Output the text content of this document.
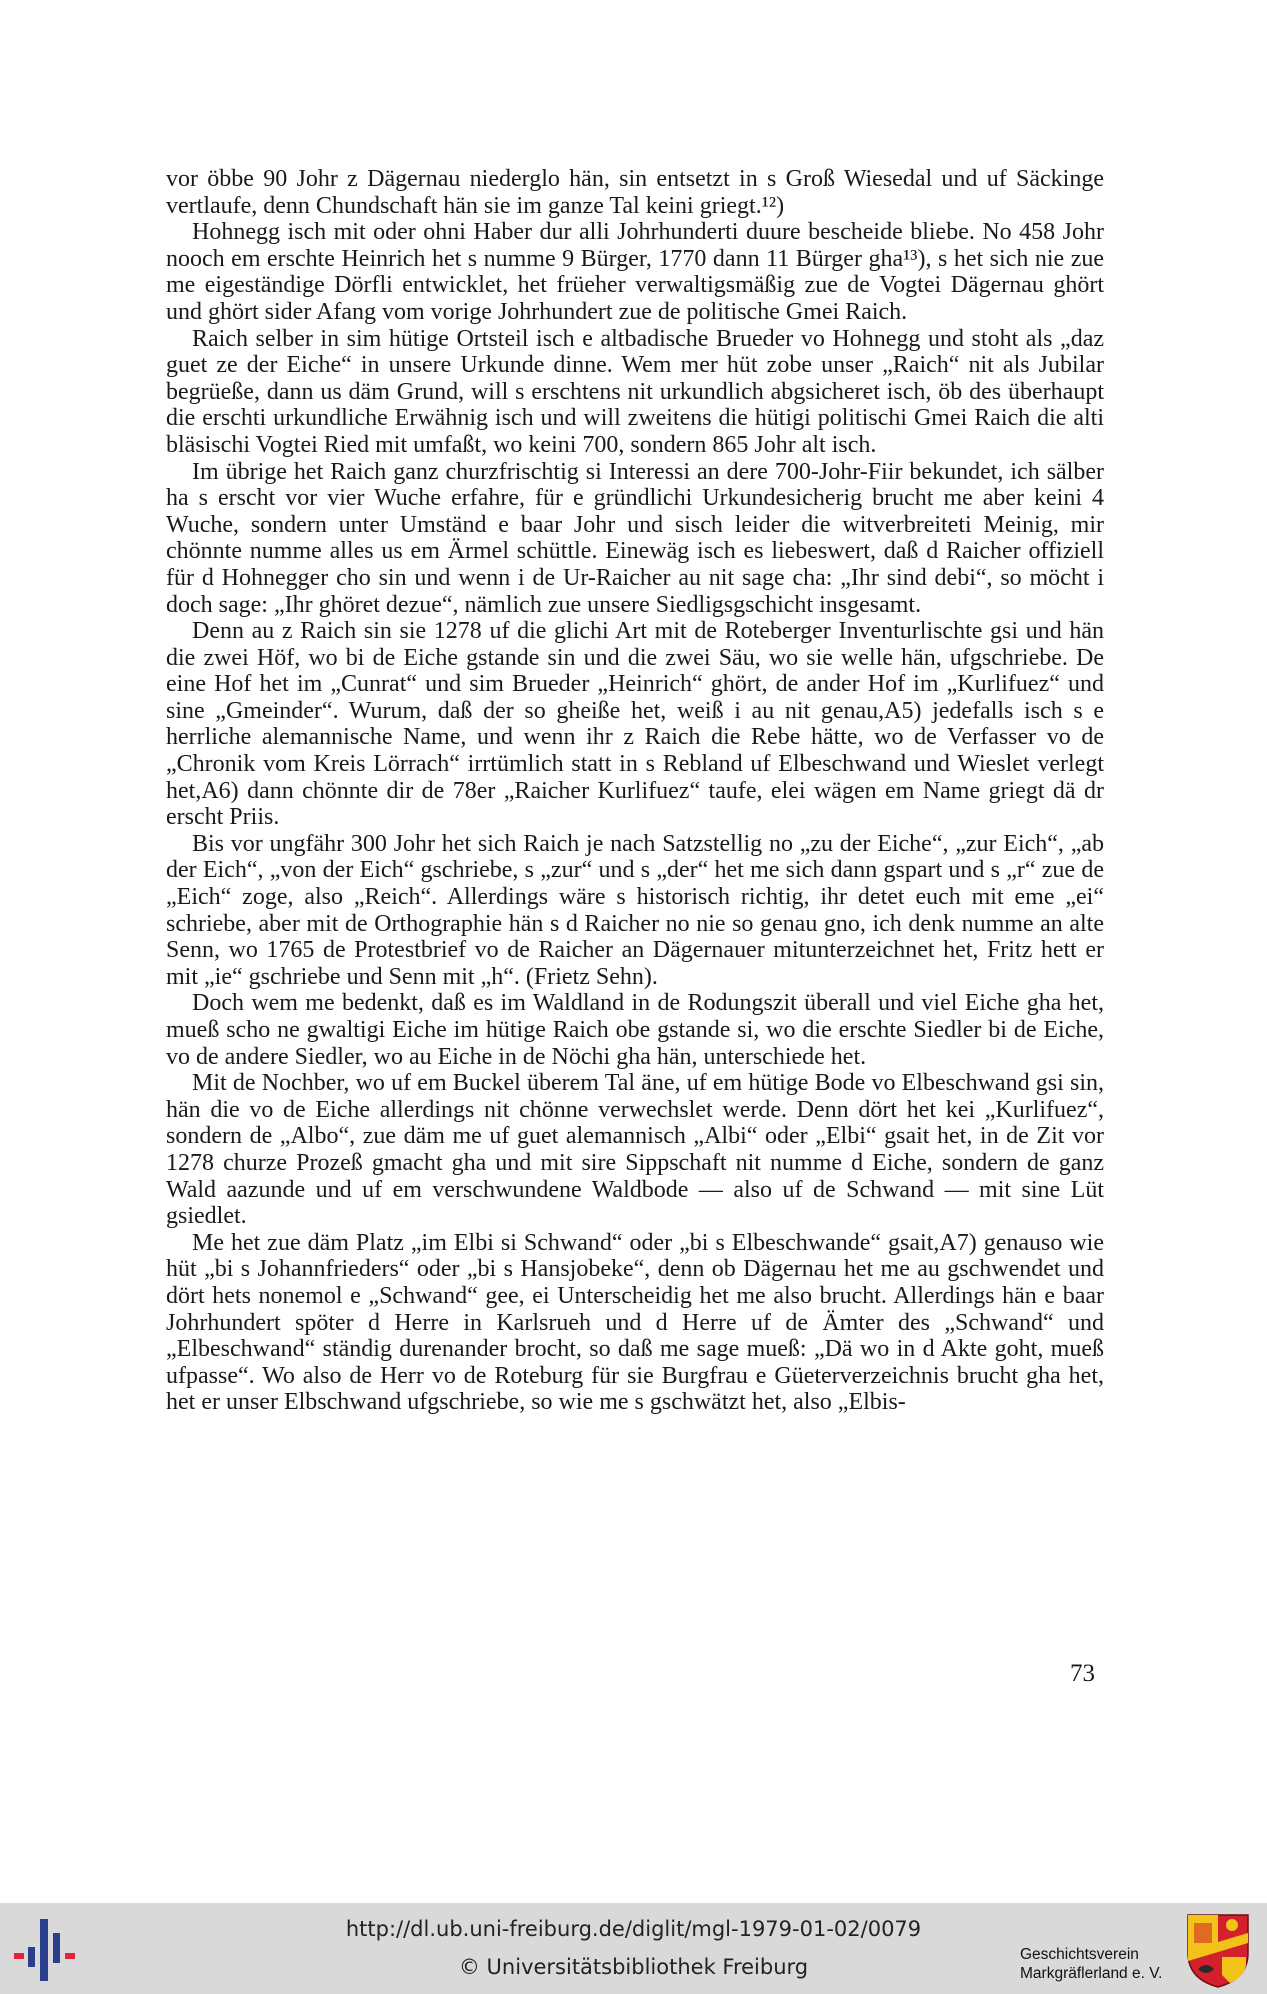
vor öbbe 90 Johr z Dägernau niederglo hän, sin entsetzt in s Groß Wiesedal und uf Säckinge vertlaufe, denn Chundschaft hän sie im ganze Tal keini griegt.¹²)

Hohnegg isch mit oder ohni Haber dur alli Johrhunderti duure bescheide bliebe. No 458 Johr nooch em erschte Heinrich het s numme 9 Bürger, 1770 dann 11 Bürger gha¹³), s het sich nie zue me eigeständige Dörfli entwicklet, het früeher verwaltigsmäßig zue de Vogtei Dägernau ghört und ghört sider Afang vom vorige Johrhundert zue de politische Gmei Raich.

Raich selber in sim hütige Ortsteil isch e altbadische Brueder vo Hohnegg und stoht als „daz guet ze der Eiche“ in unsere Urkunde dinne. Wem mer hüt zobe unser „Raich“ nit als Jubilar begrüeße, dann us däm Grund, will s erschtens nit urkundlich abgsicheret isch, öb des überhaupt die erschti urkundliche Erwähnig isch und will zweitens die hütigi politischi Gmei Raich die alti bläsischi Vogtei Ried mit umfaßt, wo keini 700, sondern 865 Johr alt isch.

Im übrige het Raich ganz churzfrischtig si Interessi an dere 700-Johr-Fiir bekundet, ich sälber ha s erscht vor vier Wuche erfahre, für e gründlichi Urkundesicherig brucht me aber keini 4 Wuche, sondern unter Umständ e baar Johr und sisch leider die witverbreiteti Meinig, mir chönnte numme alles us em Ärmel schüttle. Einewäg isch es liebeswert, daß d Raicher offiziell für d Hohnegger cho sin und wenn i de Ur-Raicher au nit sage cha: „Ihr sind debi“, so möcht i doch sage: „Ihr ghöret dezue“, nämlich zue unsere Siedligsgschicht insgesamt.

Denn au z Raich sin sie 1278 uf die glichi Art mit de Roteberger Inventurlischte gsi und hän die zwei Höf, wo bi de Eiche gstande sin und die zwei Säu, wo sie welle hän, ufgschriebe. De eine Hof het im „Cunrat“ und sim Brueder „Heinrich“ ghört, de ander Hof im „Kurlifuez“ und sine „Gmeinder“. Wurum, daß der so gheiße het, weiß i au nit genau,A5) jedefalls isch s e herrliche alemannische Name, und wenn ihr z Raich die Rebe hätte, wo de Verfasser vo de „Chronik vom Kreis Lörrach“ irrtümlich statt in s Rebland uf Elbeschwand und Wieslet verlegt het,A6) dann chönnte dir de 78er „Raicher Kurlifuez“ taufe, elei wägen em Name griegt dä dr erscht Priis.

Bis vor ungfähr 300 Johr het sich Raich je nach Satzstellig no „zu der Eiche“, „zur Eich“, „ab der Eich“, „von der Eich“ gschriebe, s „zur“ und s „der“ het me sich dann gspart und s „r“ zue de „Eich“ zoge, also „Reich“. Allerdings wäre s historisch richtig, ihr detet euch mit eme „ei“ schriebe, aber mit de Orthographie hän s d Raicher no nie so genau gno, ich denk numme an alte Senn, wo 1765 de Protestbrief vo de Raicher an Dägernauer mitunterzeichnet het, Fritz hett er mit „ie“ gschriebe und Senn mit „h“. (Frietz Sehn).

Doch wem me bedenkt, daß es im Waldland in de Rodungszit überall und viel Eiche gha het, mueß scho ne gwaltigi Eiche im hütige Raich obe gstande si, wo die erschte Siedler bi de Eiche, vo de andere Siedler, wo au Eiche in de Nöchi gha hän, unterschiede het.

Mit de Nochber, wo uf em Buckel überem Tal äne, uf em hütige Bode vo Elbeschwand gsi sin, hän die vo de Eiche allerdings nit chönne verwechslet werde. Denn dört het kei „Kurlifuez“, sondern de „Albo“, zue däm me uf guet alemannisch „Albi“ oder „Elbi“ gsait het, in de Zit vor 1278 churze Prozeß gmacht gha und mit sire Sippschaft nit numme d Eiche, sondern de ganz Wald aazunde und uf em verschwundene Waldbode — also uf de Schwand — mit sine Lüt gsiedlet.

Me het zue däm Platz „im Elbi si Schwand“ oder „bi s Elbeschwande“ gsait,A7) genauso wie hüt „bi s Johannfrieders“ oder „bi s Hansjobeke“, denn ob Dägernau het me au gschwendet und dört hets nonemol e „Schwand“ gee, ei Unterscheidig het me also brucht. Allerdings hän e baar Johrhundert spöter d Herre in Karlsrueh und d Herre uf de Ämter des „Schwand“ und „Elbeschwand“ ständig durenander brocht, so daß me sage mueß: „Dä wo in d Akte goht, mueß ufpasse“. Wo also de Herr vo de Roteburg für sie Burgfrau e Güeterverzeichnis brucht gha het, het er unser Elbschwand ufgschriebe, so wie me s gschwätzt het, also „Elbis-

73
http://dl.ub.uni-freiburg.de/diglit/mgl-1979-01-02/0079
© Universitätsbibliothek Freiburg
Geschichtsverein
Markgräflerland e. V.
